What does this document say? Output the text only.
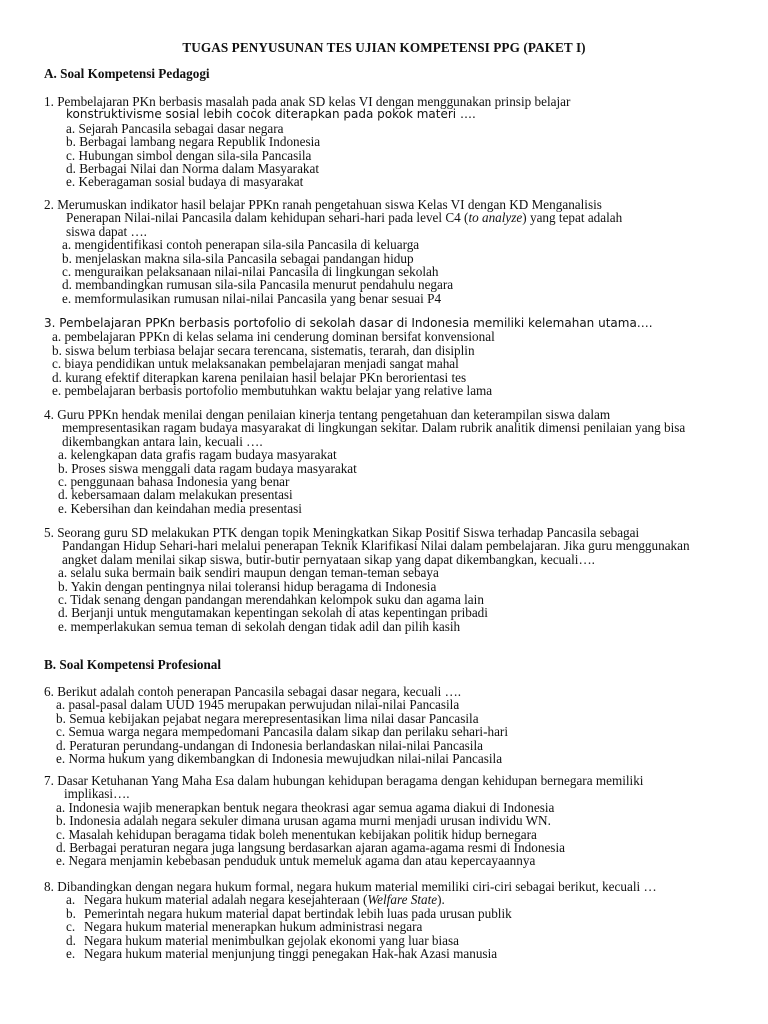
TUGAS PENYUSUNAN TES UJIAN KOMPETENSI PPG (PAKET I)
A. Soal Kompetensi Pedagogi
1. Pembelajaran PKn berbasis masalah pada anak SD kelas VI dengan menggunakan prinsip belajar
konstruktivisme sosial lebih cocok diterapkan pada pokok materi ….
a. Sejarah Pancasila sebagai dasar negara
b. Berbagai lambang negara Republik Indonesia
c. Hubungan simbol dengan sila-sila Pancasila
d. Berbagai Nilai dan Norma dalam Masyarakat
e. Keberagaman sosial budaya di masyarakat
2. Merumuskan indikator hasil belajar PPKn ranah pengetahuan siswa Kelas VI dengan KD Menganalisis
Penerapan Nilai-nilai Pancasila dalam kehidupan sehari-hari pada level C4 (to analyze) yang tepat adalah
siswa dapat ….
a. mengidentifikasi contoh penerapan sila-sila Pancasila di keluarga
b. menjelaskan makna sila-sila Pancasila sebagai pandangan hidup
c. menguraikan pelaksanaan nilai-nilai Pancasila di lingkungan sekolah
d. membandingkan rumusan sila-sila Pancasila menurut pendahulu negara
e. memformulasikan rumusan nilai-nilai Pancasila yang benar sesuai P4
3. Pembelajaran PPKn berbasis portofolio di sekolah dasar di Indonesia memiliki kelemahan utama….
a. pembelajaran PPKn di kelas selama ini cenderung dominan bersifat konvensional
b. siswa belum terbiasa belajar secara terencana, sistematis, terarah, dan disiplin
c. biaya pendidikan untuk melaksanakan pembelajaran menjadi sangat mahal
d. kurang efektif diterapkan karena penilaian hasil belajar PKn berorientasi tes
e. pembelajaran berbasis portofolio membutuhkan waktu belajar yang relative lama
4. Guru PPKn hendak menilai dengan penilaian kinerja tentang pengetahuan dan keterampilan siswa dalam
mempresentasikan ragam budaya masyarakat di lingkungan sekitar. Dalam rubrik analitik dimensi penilaian yang bisa
dikembangkan antara lain, kecuali ….
a. kelengkapan data grafis ragam budaya masyarakat
b. Proses siswa menggali data ragam budaya masyarakat
c. penggunaan bahasa Indonesia yang benar
d. kebersamaan dalam melakukan presentasi
e. Kebersihan dan keindahan media presentasi
5. Seorang guru SD melakukan PTK dengan topik Meningkatkan Sikap Positif Siswa terhadap Pancasila sebagai
Pandangan Hidup Sehari-hari melalui penerapan Teknik Klarifikasi Nilai dalam pembelajaran. Jika guru menggunakan
angket dalam menilai sikap siswa, butir-butir pernyataan sikap yang dapat dikembangkan, kecuali….
a. selalu suka bermain baik sendiri maupun dengan teman-teman sebaya
b. Yakin dengan pentingnya nilai toleransi hidup beragama di Indonesia
c. Tidak senang dengan pandangan merendahkan kelompok suku dan agama lain
d. Berjanji untuk mengutamakan kepentingan sekolah di atas kepentingan pribadi
e. memperlakukan semua teman di sekolah dengan tidak adil dan pilih kasih
B. Soal Kompetensi Profesional
6. Berikut adalah contoh penerapan Pancasila sebagai dasar negara, kecuali ….
a. pasal-pasal dalam UUD 1945 merupakan perwujudan nilai-nilai Pancasila
b. Semua kebijakan pejabat negara merepresentasikan lima nilai dasar Pancasila
c. Semua warga negara mempedomani Pancasila dalam sikap dan perilaku sehari-hari
d. Peraturan perundang-undangan di Indonesia berlandaskan nilai-nilai Pancasila
e. Norma hukum yang dikembangkan di Indonesia mewujudkan nilai-nilai Pancasila
7. Dasar Ketuhanan Yang Maha Esa dalam hubungan kehidupan beragama dengan kehidupan bernegara memiliki
implikasi….
a. Indonesia wajib menerapkan bentuk negara theokrasi agar semua agama diakui di Indonesia
b. Indonesia adalah negara sekuler dimana urusan agama murni menjadi urusan individu WN.
c. Masalah kehidupan beragama tidak boleh menentukan kebijakan politik hidup bernegara
d. Berbagai peraturan negara juga langsung berdasarkan ajaran agama-agama resmi di Indonesia
e. Negara menjamin kebebasan penduduk untuk memeluk agama dan atau kepercayaannya
8. Dibandingkan dengan negara hukum formal, negara hukum material memiliki ciri-ciri sebagai berikut, kecuali …
a. Negara hukum material adalah negara kesejahteraan (Welfare State).
b. Pemerintah negara hukum material dapat bertindak lebih luas pada urusan publik
c. Negara hukum material menerapkan hukum administrasi negara
d. Negara hukum material menimbulkan gejolak ekonomi yang luar biasa
e. Negara hukum material menjunjung tinggi penegakan Hak-hak Azasi manusia
